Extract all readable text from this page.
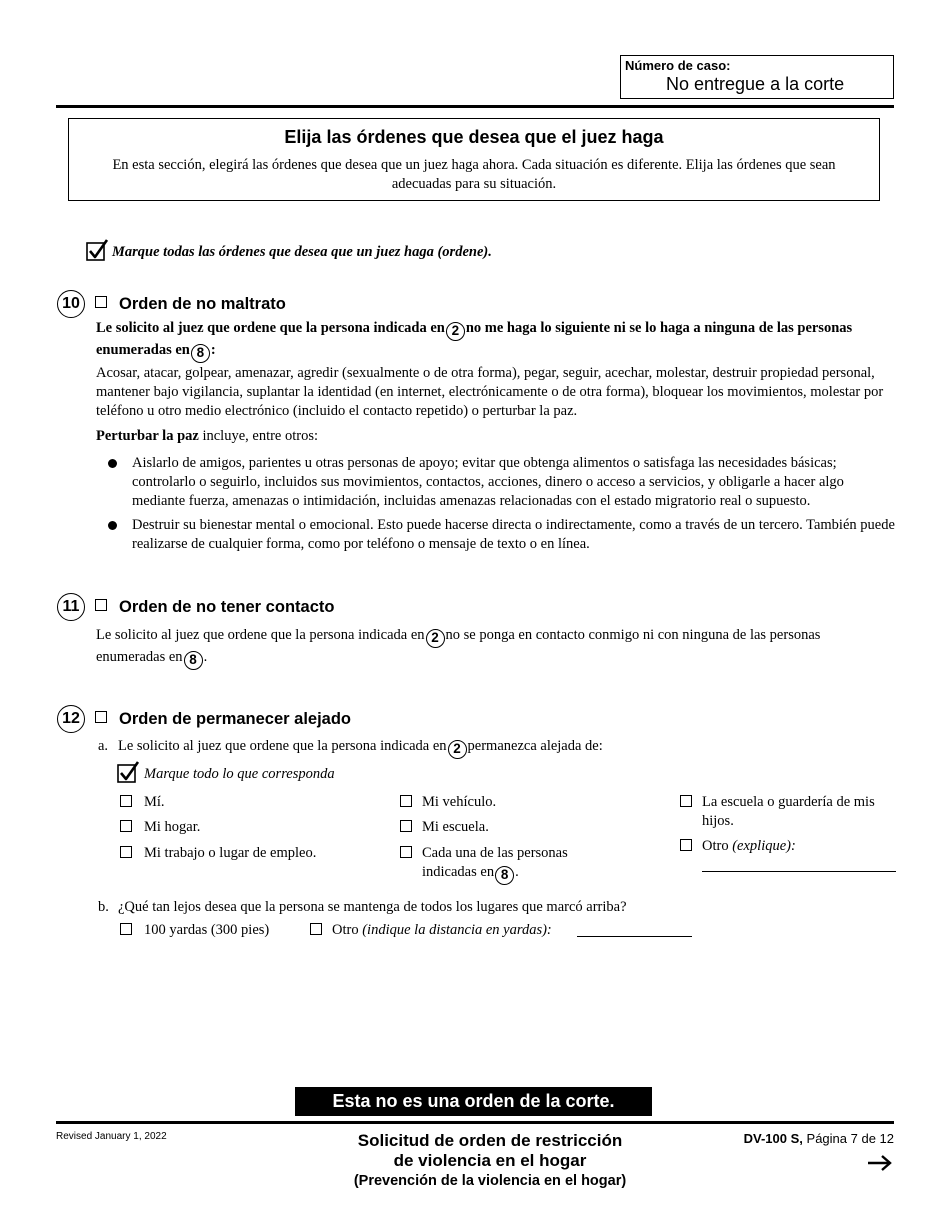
Número de caso:
No entregue a la corte
Elija las órdenes que desea que el juez haga
En esta sección, elegirá las órdenes que desea que un juez haga ahora. Cada situación es diferente. Elija las órdenes que sean adecuadas para su situación.
Marque todas las órdenes que desea que un juez haga (ordene).
10	Orden de no maltrato
Le solicito al juez que ordene que la persona indicada en 2 no me haga lo siguiente ni se lo haga a ninguna de las personas enumeradas en 8 :
Acosar, atacar, golpear, amenazar, agredir (sexualmente o de otra forma), pegar, seguir, acechar, molestar, destruir propiedad personal, mantener bajo vigilancia, suplantar la identidad (en internet, electrónicamente o de otra forma), bloquear los movimientos, molestar por teléfono u otro medio electrónico (incluido el contacto repetido) o perturbar la paz.
Perturbar la paz incluye, entre otros:
Aislarlo de amigos, parientes u otras personas de apoyo; evitar que obtenga alimentos o satisfaga las necesidades básicas; controlarlo o seguirlo, incluidos sus movimientos, contactos, acciones, dinero o acceso a servicios, y obligarle a hacer algo mediante fuerza, amenazas o intimidación, incluidas amenazas relacionadas con el estado migratorio real o supuesto.
Destruir su bienestar mental o emocional. Esto puede hacerse directa o indirectamente, como a través de un tercero. También puede realizarse de cualquier forma, como por teléfono o mensaje de texto o en línea.
11	Orden de no tener contacto
Le solicito al juez que ordene que la persona indicada en 2 no se ponga en contacto conmigo ni con ninguna de las personas enumeradas en 8 .
12	Orden de permanecer alejado
a. Le solicito al juez que ordene que la persona indicada en 2 permanezca alejada de:
Marque todo lo que corresponda
Mí.
Mi hogar.
Mi trabajo o lugar de empleo.
Mi vehículo.
Mi escuela.
Cada una de las personas indicadas en 8 .
La escuela o guardería de mis hijos.
Otro (explique):
b. ¿Qué tan lejos desea que la persona se mantenga de todos los lugares que marcó arriba?
100 yardas (300 pies)	Otro (indique la distancia en yardas):
Esta no es una orden de la corte.
Revised January 1, 2022	Solicitud de orden de restricción
de violencia en el hogar
(Prevención de la violencia en el hogar)
DV-100 S, Página 7 de 12
